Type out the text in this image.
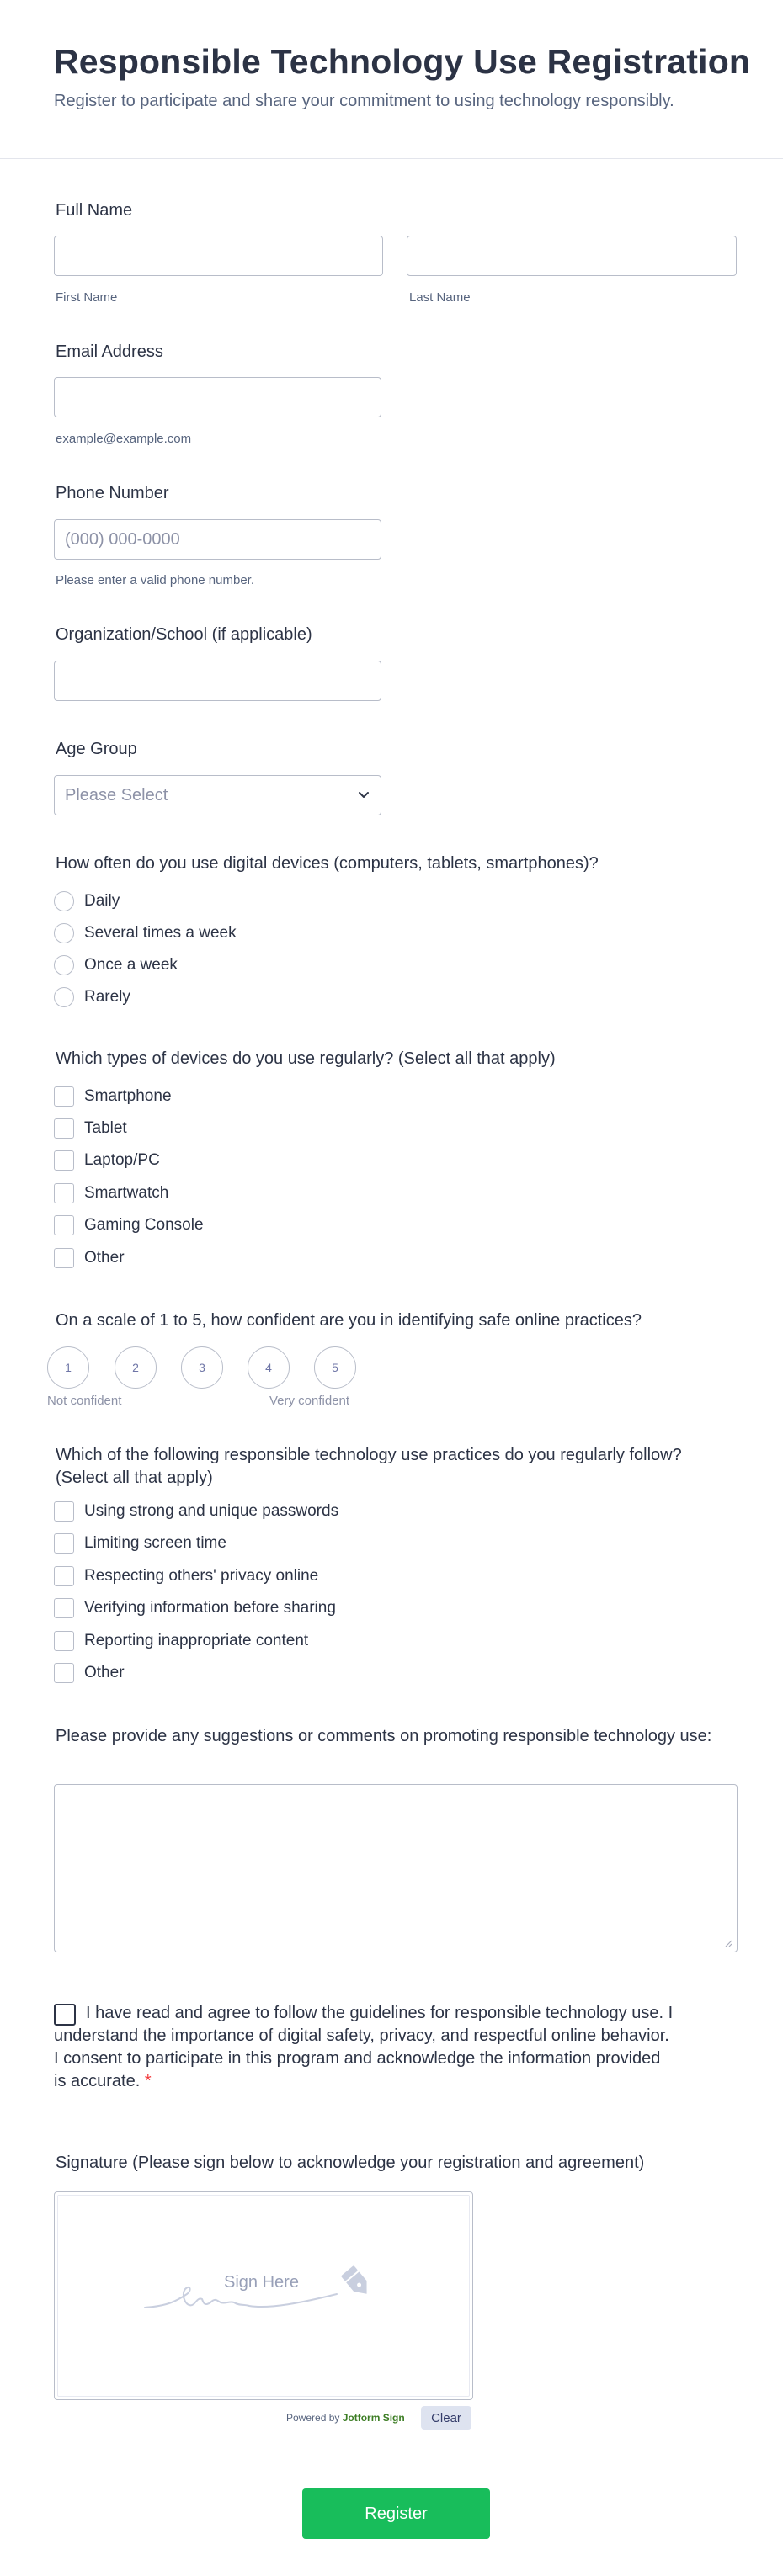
Responsible Technology Use Registration
Register to participate and share your commitment to using technology responsibly.
Full Name
First Name	Last Name
Email Address
example@example.com
Phone Number
(000) 000-0000
Please enter a valid phone number.
Organization/School (if applicable)
Age Group
Please Select
How often do you use digital devices (computers, tablets, smartphones)?
Daily
Several times a week
Once a week
Rarely
Which types of devices do you use regularly? (Select all that apply)
Smartphone
Tablet
Laptop/PC
Smartwatch
Gaming Console
Other
On a scale of 1 to 5, how confident are you in identifying safe online practices?
1	2	3	4	5
Not confident	Very confident
Which of the following responsible technology use practices do you regularly follow? (Select all that apply)
Using strong and unique passwords
Limiting screen time
Respecting others' privacy online
Verifying information before sharing
Reporting inappropriate content
Other
Please provide any suggestions or comments on promoting responsible technology use:
I have read and agree to follow the guidelines for responsible technology use. I understand the importance of digital safety, privacy, and respectful online behavior. I consent to participate in this program and acknowledge the information provided is accurate. *
Signature (Please sign below to acknowledge your registration and agreement)
Sign Here
Powered by Jotform Sign	Clear
Register
